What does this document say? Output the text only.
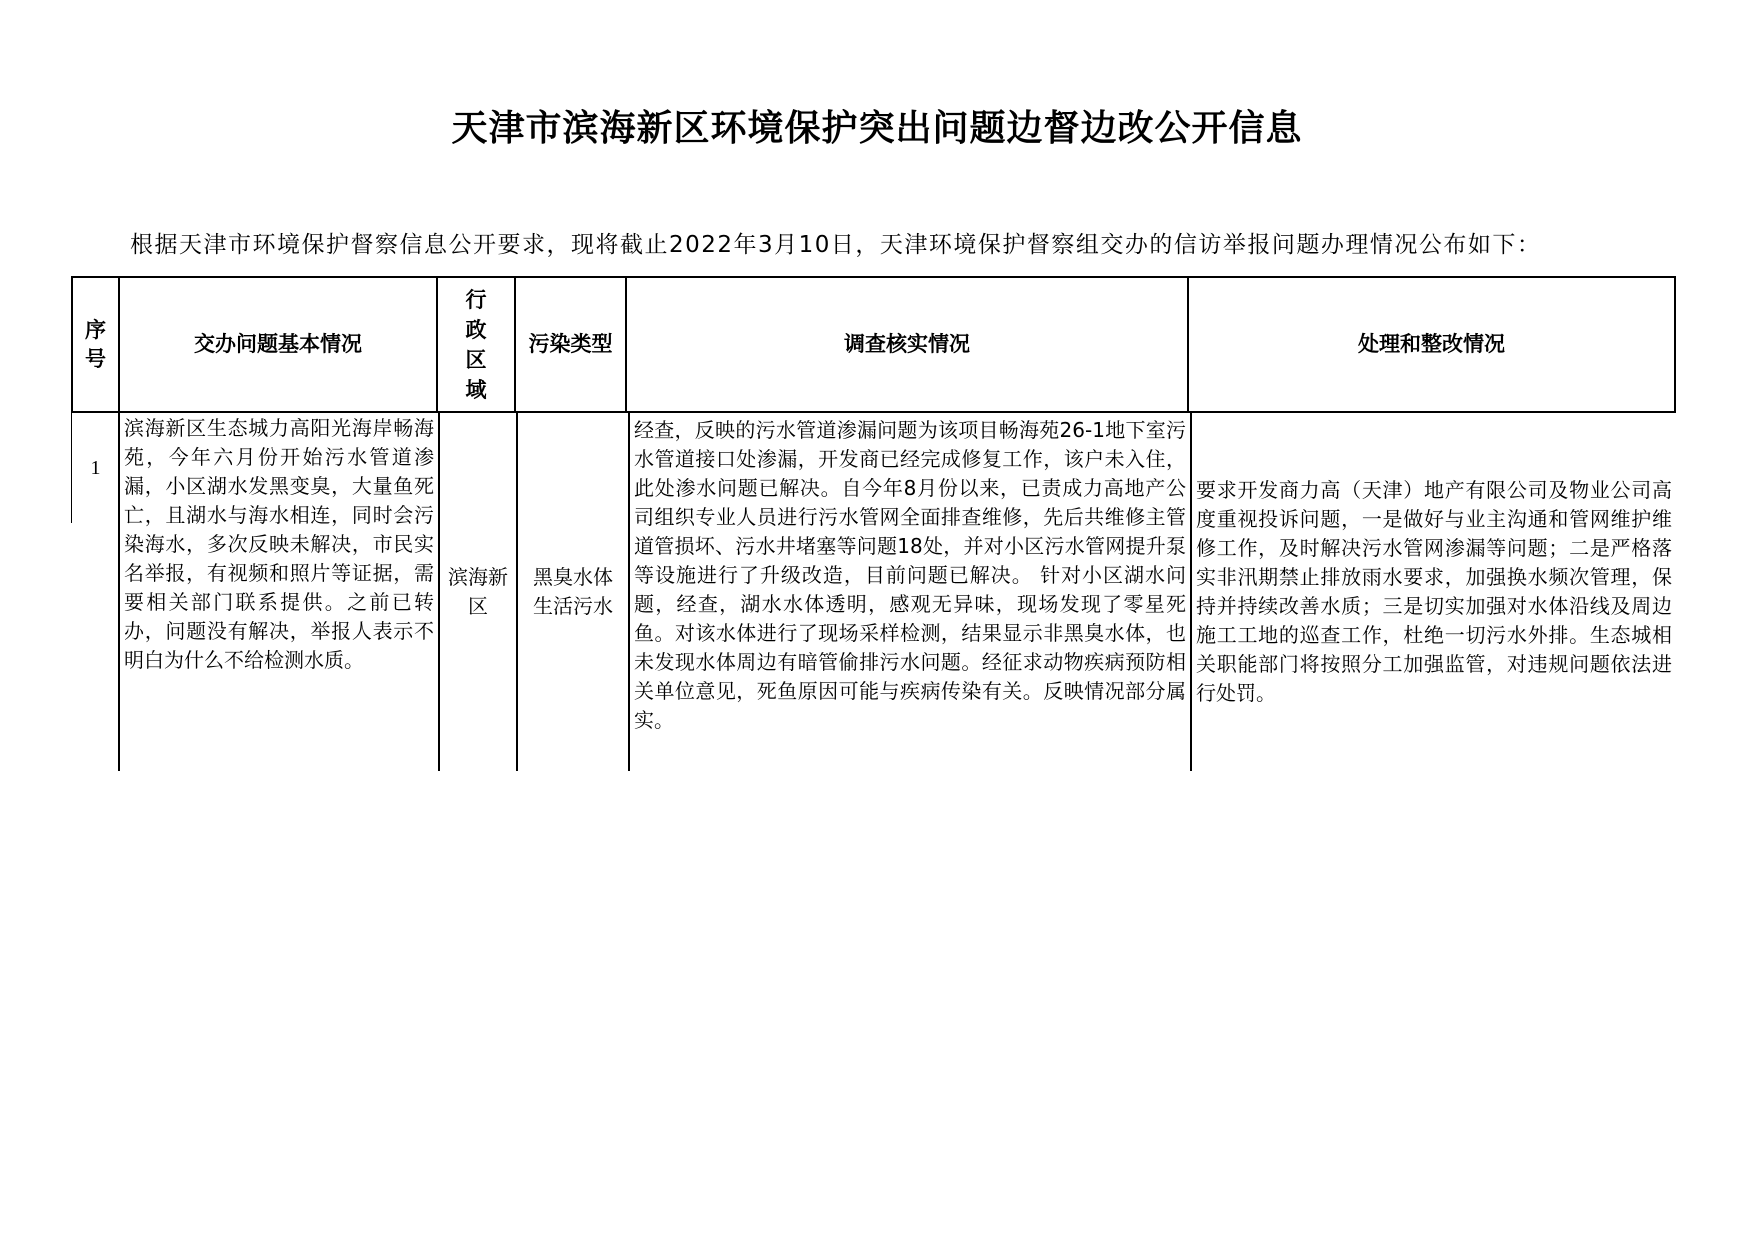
天津市滨海新区环境保护突出问题边督边改公开信息
根据天津市环境保护督察信息公开要求，现将截止2022年3月10日，天津环境保护督察组交办的信访举报问题办理情况公布如下：
序号
交办问题基本情况
行政区域
污染类型	调查核实情况	处理和整改情况
1
滨海新区生态城力高阳光海岸畅海苑，今年六月份开始污水管道渗漏，小区湖水发黑变臭，大量鱼死亡，且湖水与海水相连，同时会污染海水，多次反映未解决，市民实名举报，有视频和照片等证据，需要相关部门联系提供。之前已转办，问题没有解决，举报人表示不明白为什么不给检测水质。
滨海新区
黑臭水体生活污水
经查，反映的污水管道渗漏问题为该项目畅海苑26-1地下室污水管道接口处渗漏，开发商已经完成修复工作，该户未入住，此处渗水问题已解决。自今年8月份以来，已责成力高地产公司组织专业人员进行污水管网全面排查维修，先后共维修主管道管损坏、污水井堵塞等问题18处，并对小区污水管网提升泵等设施进行了升级改造，目前问题已解决。 针对小区湖水问题，经查，湖水水体透明，感观无异味，现场发现了零星死鱼。对该水体进行了现场采样检测，结果显示非黑臭水体，也未发现水体周边有暗管偷排污水问题。经征求动物疾病预防相关单位意见，死鱼原因可能与疾病传染有关。反映情况部分属实。
要求开发商力高（天津）地产有限公司及物业公司高度重视投诉问题，一是做好与业主沟通和管网维护维修工作，及时解决污水管网渗漏等问题；二是严格落实非汛期禁止排放雨水要求，加强换水频次管理，保持并持续改善水质；三是切实加强对水体沿线及周边施工工地的巡查工作，杜绝一切污水外排。生态城相关职能部门将按照分工加强监管，对违规问题依法进行处罚。
